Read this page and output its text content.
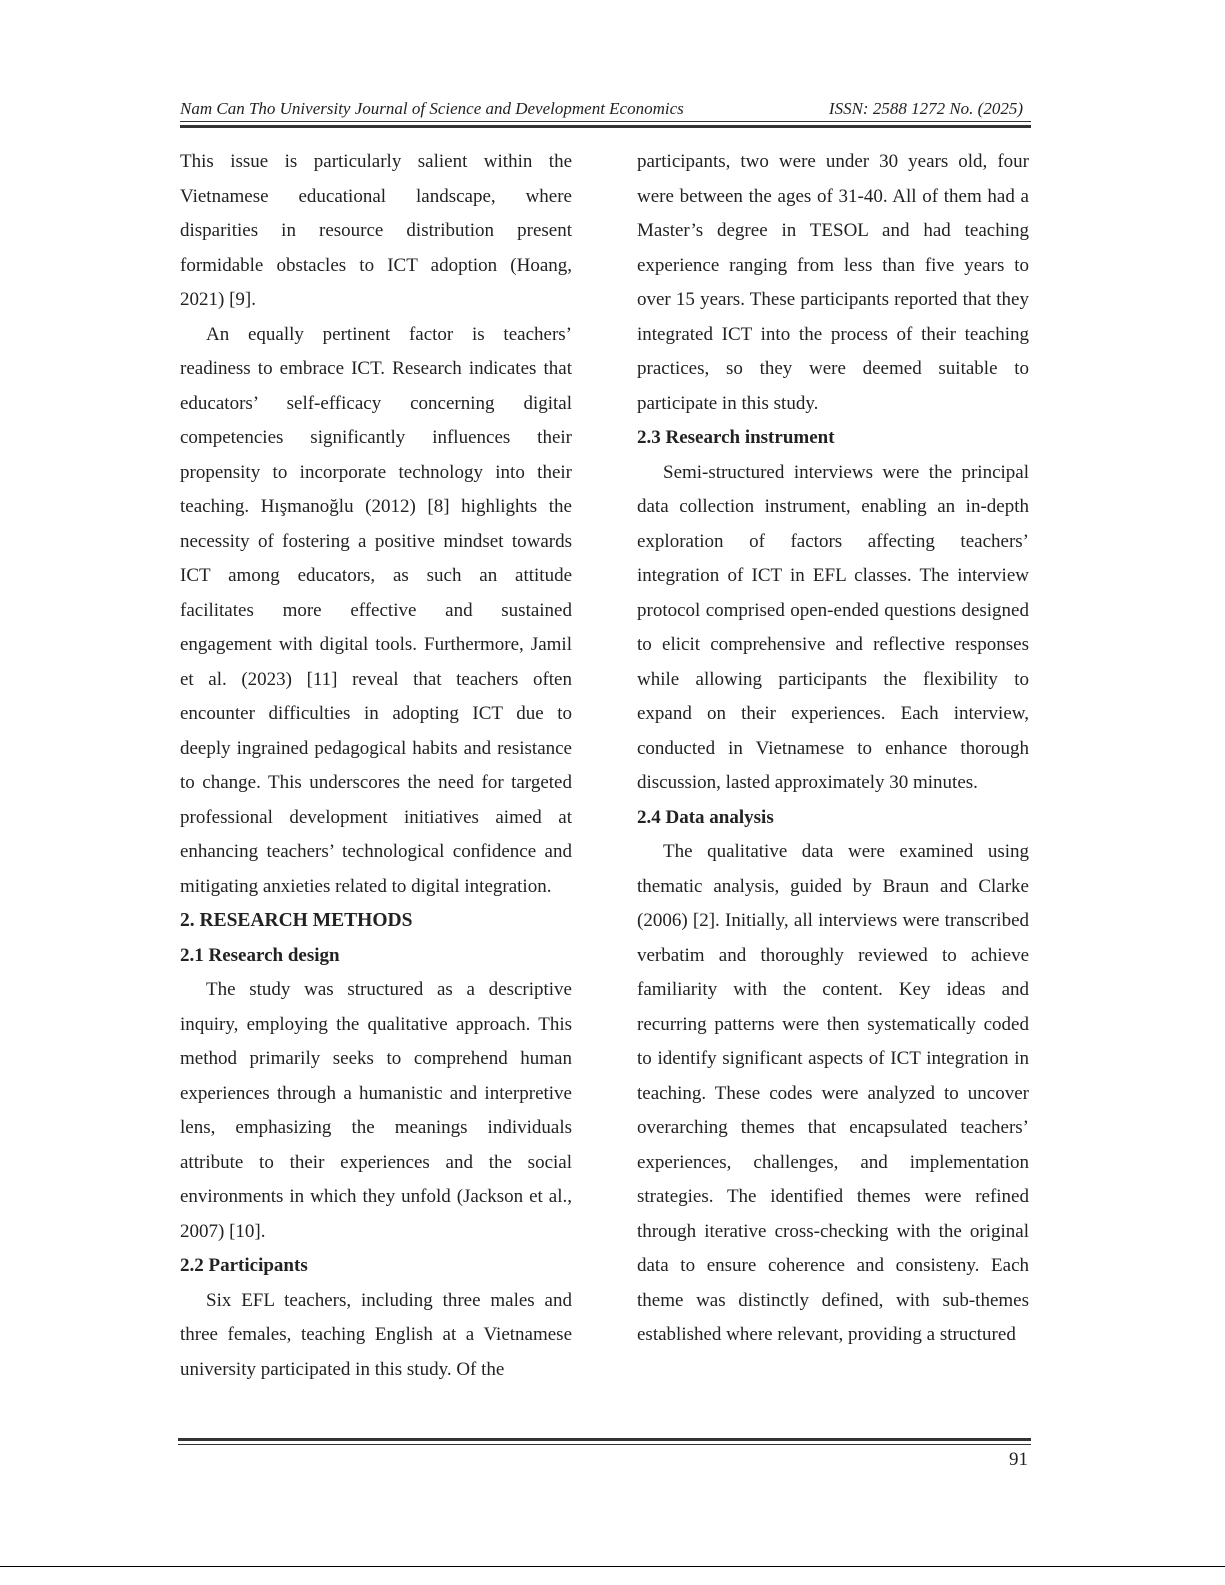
Nam Can Tho University Journal of Science and Development Economics	ISSN: 2588 1272 No. (2025)

This issue is particularly salient within the Vietnamese educational landscape, where disparities in resource distribution present formidable obstacles to ICT adoption (Hoang, 2021) [9].

An equally pertinent factor is teachers’ readiness to embrace ICT. Research indicates that educators’ self-efficacy concerning digital competencies significantly influences their propensity to incorporate technology into their teaching. Hışmanoğlu (2012) [8] highlights the necessity of fostering a positive mindset towards ICT among educators, as such an attitude facilitates more effective and sustained engagement with digital tools. Furthermore, Jamil et al. (2023) [11] reveal that teachers often encounter difficulties in adopting ICT due to deeply ingrained pedagogical habits and resistance to change. This underscores the need for targeted professional development initiatives aimed at enhancing teachers’ technological confidence and mitigating anxieties related to digital integration.

2. RESEARCH METHODS
2.1 Research design

The study was structured as a descriptive inquiry, employing the qualitative approach. This method primarily seeks to comprehend human experiences through a humanistic and interpretive lens, emphasizing the meanings individuals attribute to their experiences and the social environments in which they unfold (Jackson et al., 2007) [10].

2.2 Participants

Six EFL teachers, including three males and three females, teaching English at a Vietnamese university participated in this study. Of the

participants, two were under 30 years old, four were between the ages of 31-40. All of them had a Master’s degree in TESOL and had teaching experience ranging from less than five years to over 15 years. These participants reported that they integrated ICT into the process of their teaching practices, so they were deemed suitable to participate in this study.

2.3 Research instrument

Semi-structured interviews were the principal data collection instrument, enabling an in-depth exploration of factors affecting teachers’ integration of ICT in EFL classes. The interview protocol comprised open-ended questions designed to elicit comprehensive and reflective responses while allowing participants the flexibility to expand on their experiences. Each interview, conducted in Vietnamese to enhance thorough discussion, lasted approximately 30 minutes.

2.4 Data analysis

The qualitative data were examined using thematic analysis, guided by Braun and Clarke (2006) [2]. Initially, all interviews were transcribed verbatim and thoroughly reviewed to achieve familiarity with the content. Key ideas and recurring patterns were then systematically coded to identify significant aspects of ICT integration in teaching. These codes were analyzed to uncover overarching themes that encapsulated teachers’ experiences, challenges, and implementation strategies. The identified themes were refined through iterative cross-checking with the original data to ensure coherence and consisteny. Each theme was distinctly defined, with sub-themes established where relevant, providing a structured

91
